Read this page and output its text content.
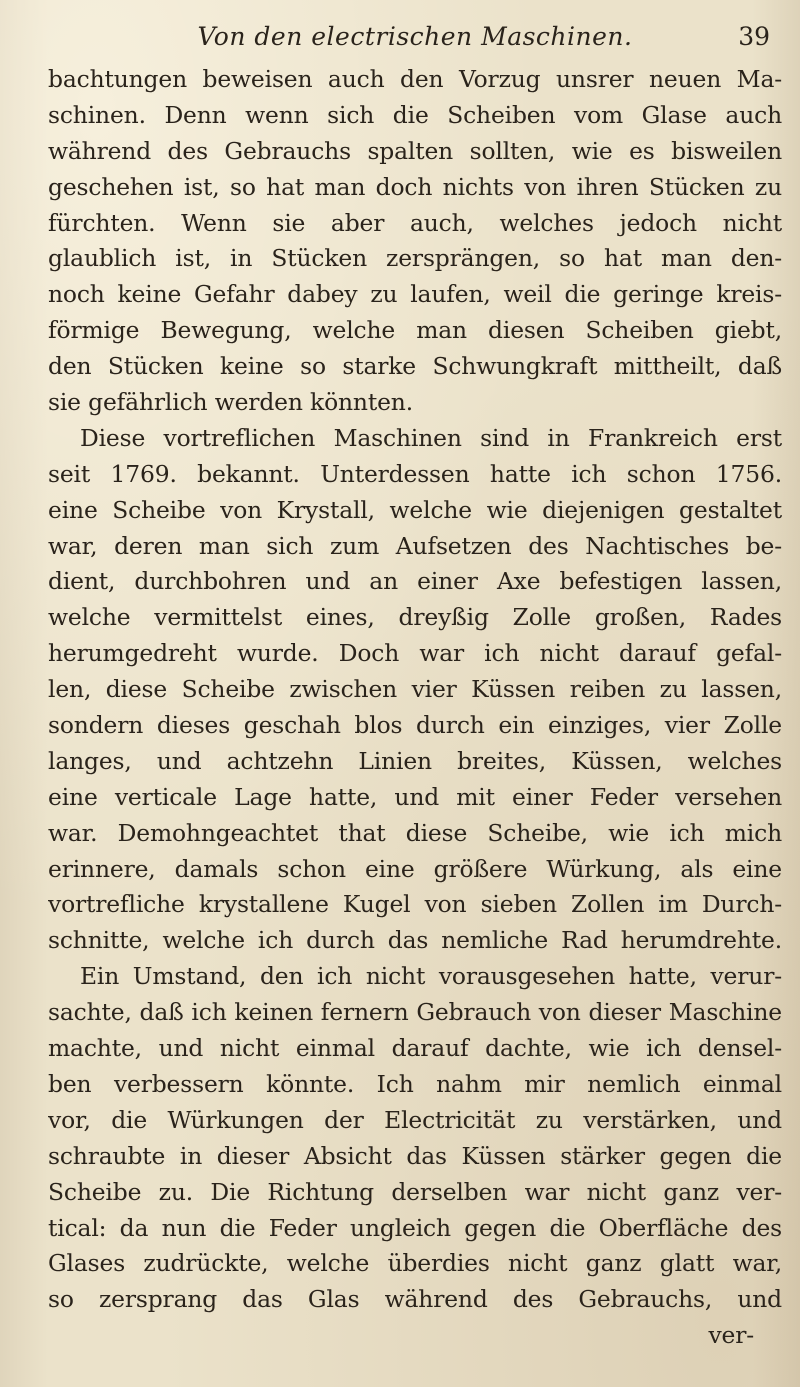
Von den electrischen Maschinen.	39
bachtungen beweisen auch den Vorzug unsrer neuen Ma-
schinen. Denn wenn sich die Scheiben vom Glase auch
während des Gebrauchs spalten sollten, wie es bisweilen
geschehen ist, so hat man doch nichts von ihren Stücken zu
fürchten. Wenn sie aber auch, welches jedoch nicht
glaublich ist, in Stücken zersprängen, so hat man den-
noch keine Gefahr dabey zu laufen, weil die geringe kreis-
förmige Bewegung, welche man diesen Scheiben giebt,
den Stücken keine so starke Schwungkraft mittheilt, daß
sie gefährlich werden könnten.
Diese vortreflichen Maschinen sind in Frankreich erst
seit 1769. bekannt. Unterdessen hatte ich schon 1756.
eine Scheibe von Krystall, welche wie diejenigen gestaltet
war, deren man sich zum Aufsetzen des Nachtisches be-
dient, durchbohren und an einer Axe befestigen lassen,
welche vermittelst eines, dreyßig Zolle großen, Rades
herumgedreht wurde. Doch war ich nicht darauf gefal-
len, diese Scheibe zwischen vier Küssen reiben zu lassen,
sondern dieses geschah blos durch ein einziges, vier Zolle
langes, und achtzehn Linien breites, Küssen, welches
eine verticale Lage hatte, und mit einer Feder versehen
war. Demohngeachtet that diese Scheibe, wie ich mich
erinnere, damals schon eine größere Würkung, als eine
vortrefliche krystallene Kugel von sieben Zollen im Durch-
schnitte, welche ich durch das nemliche Rad herumdrehte.
Ein Umstand, den ich nicht vorausgesehen hatte, verur-
sachte, daß ich keinen fernern Gebrauch von dieser Maschine
machte, und nicht einmal darauf dachte, wie ich densel-
ben verbessern könnte. Ich nahm mir nemlich einmal
vor, die Würkungen der Electricität zu verstärken, und
schraubte in dieser Absicht das Küssen stärker gegen die
Scheibe zu. Die Richtung derselben war nicht ganz ver-
tical: da nun die Feder ungleich gegen die Oberfläche des
Glases zudrückte, welche überdies nicht ganz glatt war,
so zersprang das Glas während des Gebrauchs, und
ver-
